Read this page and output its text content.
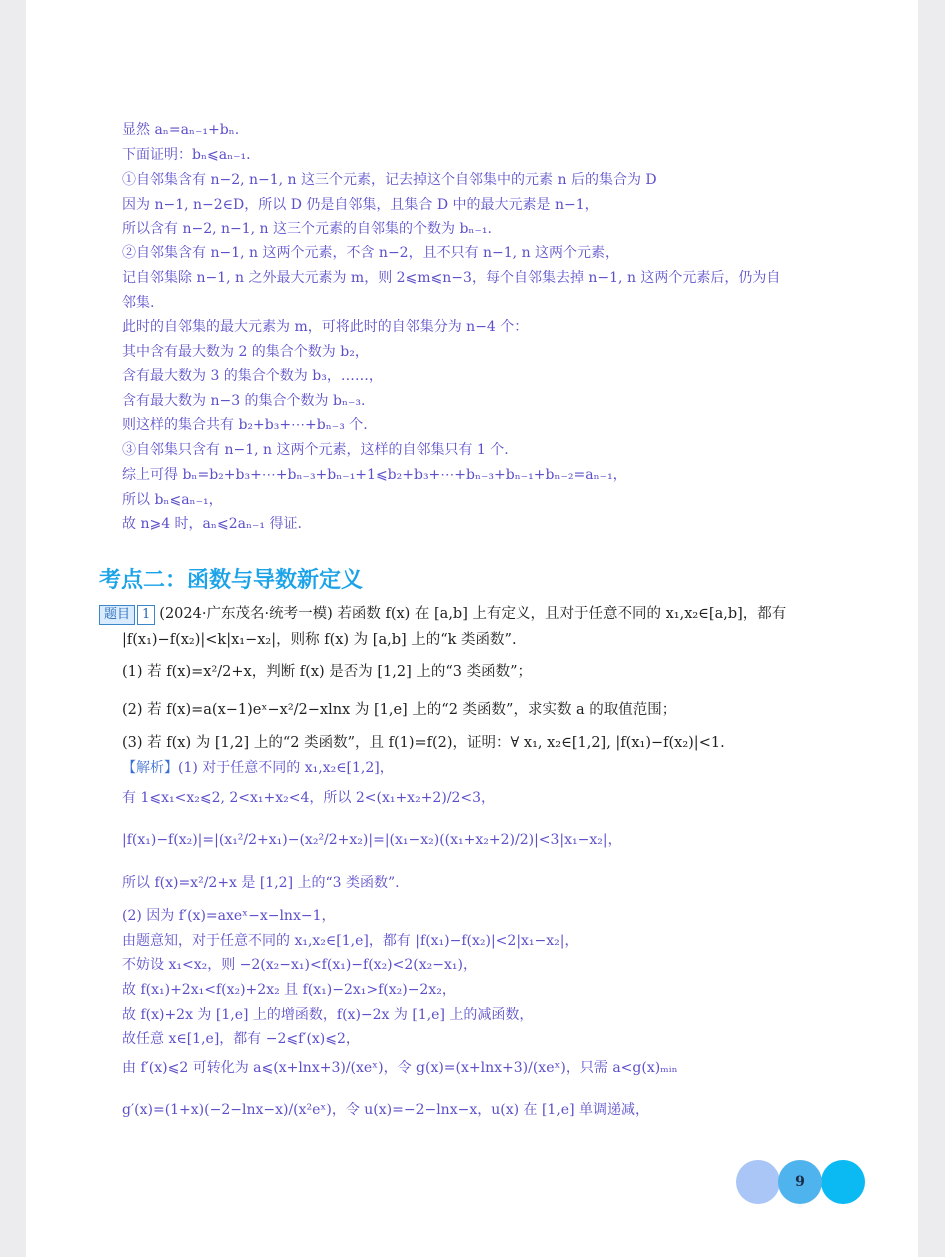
显然 aₙ=aₙ₋₁+bₙ.
下面证明：bₙ⩽aₙ₋₁.
①自邻集含有 n−2, n−1, n 这三个元素，记去掉这个自邻集中的元素 n 后的集合为 D
因为 n−1, n−2∈D，所以 D 仍是自邻集，且集合 D 中的最大元素是 n−1，
所以含有 n−2, n−1, n 这三个元素的自邻集的个数为 bₙ₋₁.
②自邻集含有 n−1, n 这两个元素，不含 n−2，且不只有 n−1, n 这两个元素，
记自邻集除 n−1, n 之外最大元素为 m，则 2⩽m⩽n−3，每个自邻集去掉 n−1, n 这两个元素后，仍为自
邻集.
此时的自邻集的最大元素为 m，可将此时的自邻集分为 n−4 个：
其中含有最大数为 2 的集合个数为 b₂，
含有最大数为 3 的集合个数为 b₃，……，
含有最大数为 n−3 的集合个数为 bₙ₋₃.
则这样的集合共有 b₂+b₃+⋯+bₙ₋₃ 个.
③自邻集只含有 n−1, n 这两个元素，这样的自邻集只有 1 个.
综上可得 bₙ=b₂+b₃+⋯+bₙ₋₃+bₙ₋₁+1⩽b₂+b₃+⋯+bₙ₋₃+bₙ₋₁+bₙ₋₂=aₙ₋₁，
所以 bₙ⩽aₙ₋₁，
故 n⩾4 时，aₙ⩽2aₙ₋₁ 得证.
考点二：函数与导数新定义
题目 1 (2024·广东茂名·统考一模) 若函数 f(x) 在 [a,b] 上有定义，且对于任意不同的 x₁,x₂∈[a,b]，都有
|f(x₁)−f(x₂)|<k|x₁−x₂|，则称 f(x) 为 [a,b] 上的“k 类函数”.
(1) 若 f(x)=x²/2+x，判断 f(x) 是否为 [1,2] 上的“3 类函数”；
(2) 若 f(x)=a(x−1)eˣ−x²/2−xlnx 为 [1,e] 上的“2 类函数”，求实数 a 的取值范围；
(3) 若 f(x) 为 [1,2] 上的“2 类函数”，且 f(1)=f(2)，证明：∀ x₁, x₂∈[1,2], |f(x₁)−f(x₂)|<1.
【解析】(1) 对于任意不同的 x₁,x₂∈[1,2]，
有 1⩽x₁<x₂⩽2, 2<x₁+x₂<4，所以 2<(x₁+x₂+2)/2<3，
|f(x₁)−f(x₂)|=|(x₁²/2+x₁)−(x₂²/2+x₂)|=|(x₁−x₂)((x₁+x₂+2)/2)|<3|x₁−x₂|，
所以 f(x)=x²/2+x 是 [1,2] 上的“3 类函数”.
(2) 因为 f′(x)=axeˣ−x−lnx−1，
由题意知，对于任意不同的 x₁,x₂∈[1,e]，都有 |f(x₁)−f(x₂)|<2|x₁−x₂|，
不妨设 x₁<x₂，则 −2(x₂−x₁)<f(x₁)−f(x₂)<2(x₂−x₁)，
故 f(x₁)+2x₁<f(x₂)+2x₂ 且 f(x₁)−2x₁>f(x₂)−2x₂，
故 f(x)+2x 为 [1,e] 上的增函数，f(x)−2x 为 [1,e] 上的减函数，
故任意 x∈[1,e]，都有 −2⩽f′(x)⩽2，
由 f′(x)⩽2 可转化为 a⩽(x+lnx+3)/(xeˣ)，令 g(x)=(x+lnx+3)/(xeˣ)，只需 a<g(x)ₘᵢₙ
g′(x)=(1+x)(−2−lnx−x)/(x²eˣ)，令 u(x)=−2−lnx−x，u(x) 在 [1,e] 单调递减，
9
